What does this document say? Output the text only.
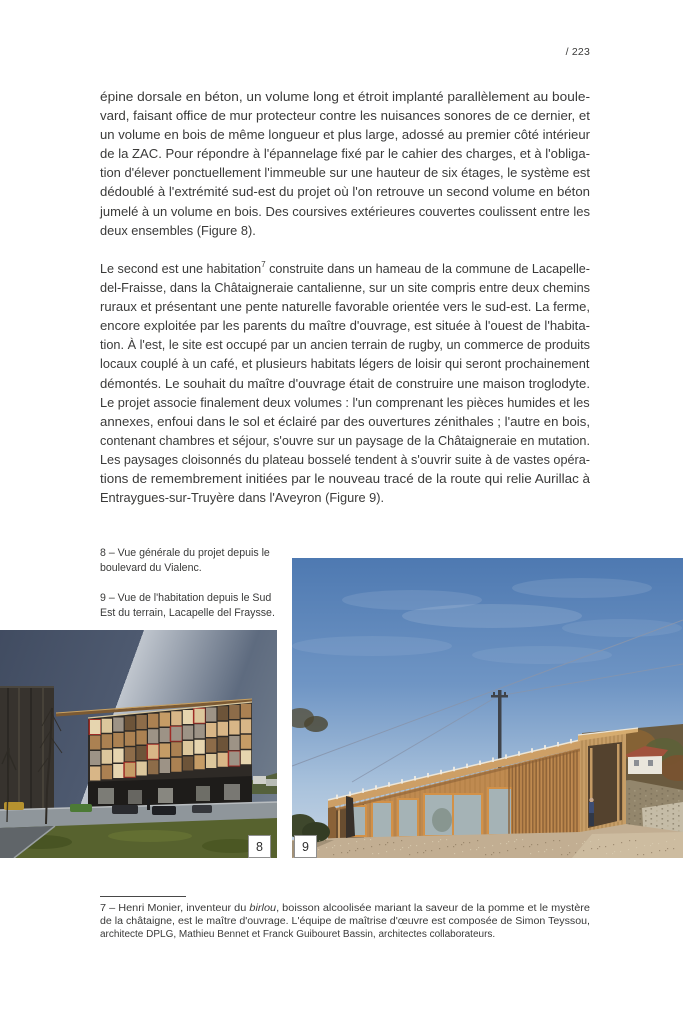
/ 223
épine dorsale en béton, un volume long et étroit implanté parallèlement au boule-
vard, faisant office de mur protecteur contre les nuisances sonores de ce dernier, et
un volume en bois de même longueur et plus large, adossé au premier côté intérieur
de la ZAC. Pour répondre à l'épannelage fixé par le cahier des charges, et à l'obliga-
tion d'élever ponctuellement l'immeuble sur une hauteur de six étages, le système est
dédoublé à l'extrémité sud-est du projet où l'on retrouve un second volume en béton
jumelé à un volume en bois. Des coursives extérieures couvertes coulissent entre les
deux ensembles (Figure 8).
Le second est une habitation$^7$ construite dans un hameau de la commune de Lacapelle-
del-Fraisse, dans la Châtaigneraie cantalienne, sur un site compris entre deux chemins
ruraux et présentant une pente naturelle favorable orientée vers le sud-est. La ferme,
encore exploitée par les parents du maître d'ouvrage, est située à l'ouest de l'habita-
tion. À l'est, le site est occupé par un ancien terrain de rugby, un commerce de produits
locaux couplé à un café, et plusieurs habitats légers de loisir qui seront prochainement
démontés. Le souhait du maître d'ouvrage était de construire une maison troglodyte.
Le projet associe finalement deux volumes : l'un comprenant les pièces humides et les
annexes, enfoui dans le sol et éclairé par des ouvertures zénithales ; l'autre en bois,
contenant chambres et séjour, s'ouvre sur un paysage de la Châtaigneraie en mutation.
Les paysages cloisonnés du plateau bosselé tendent à s'ouvrir suite à de vastes opéra-
tions de remembrement initiées par le nouveau tracé de la route qui relie Aurillac à
Entraygues-sur-Truyère dans l'Aveyron (Figure 9).
8 – Vue générale du projet depuis le
boulevard du Vialenc.
9 – Vue de l'habitation depuis le Sud
Est du terrain, Lacapelle del Fraysse.
8	9
7 – Henri Monier, inventeur du birlou, boisson alcoolisée mariant la saveur de la pomme et le mystère
de la châtaigne, est le maître d'ouvrage. L'équipe de maîtrise d'œuvre est composée de Simon Teyssou,
architecte DPLG, Mathieu Bennet et Franck Guibouret Bassin, architectes collaborateurs.
